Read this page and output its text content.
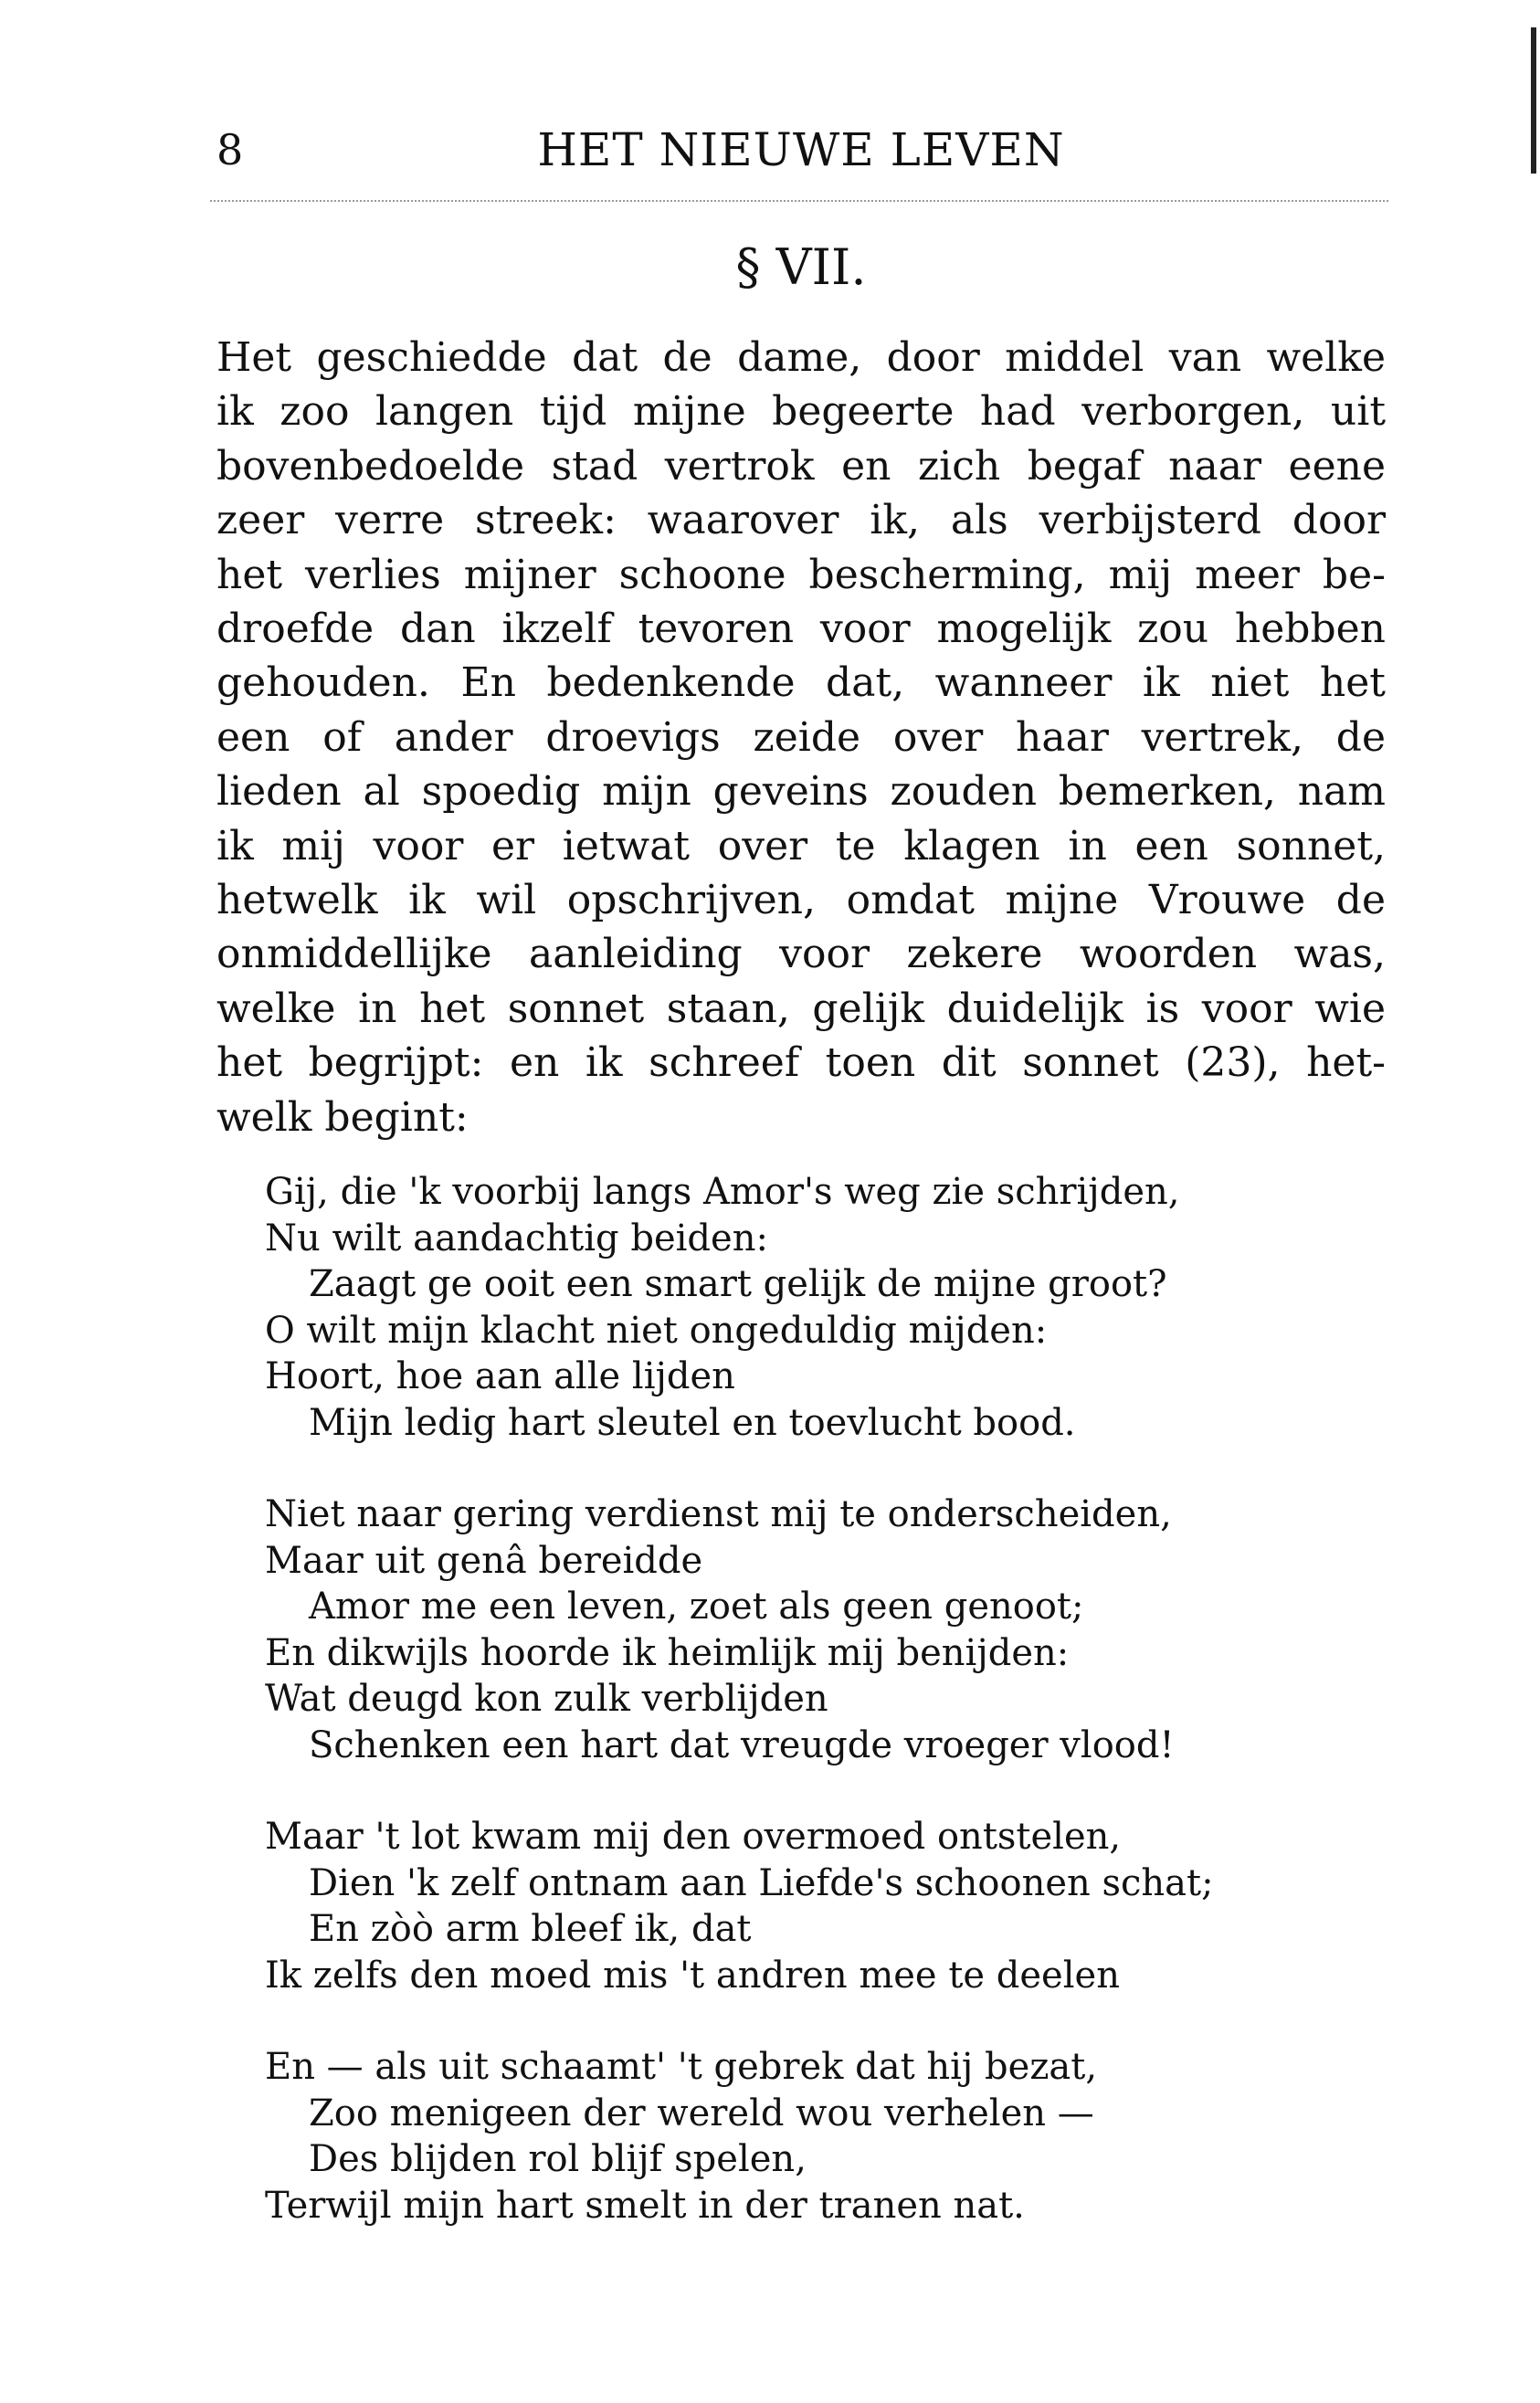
8	HET NIEUWE LEVEN
§ VII.
Het geschiedde dat de dame, door middel van welke
ik zoo langen tijd mijne begeerte had verborgen, uit
bovenbedoelde stad vertrok en zich begaf naar eene
zeer verre streek: waarover ik, als verbijsterd door
het verlies mijner schoone bescherming, mij meer be-
droefde dan ikzelf tevoren voor mogelijk zou hebben
gehouden. En bedenkende dat, wanneer ik niet het
een of ander droevigs zeide over haar vertrek, de
lieden al spoedig mijn geveins zouden bemerken, nam
ik mij voor er ietwat over te klagen in een sonnet,
hetwelk ik wil opschrijven, omdat mijne Vrouwe de
onmiddellijke aanleiding voor zekere woorden was,
welke in het sonnet staan, gelijk duidelijk is voor wie
het begrijpt: en ik schreef toen dit sonnet (23), het-
welk begint:
Gij, die 'k voorbij langs Amor's weg zie schrijden,
Nu wilt aandachtig beiden:
Zaagt ge ooit een smart gelijk de mijne groot?
O wilt mijn klacht niet ongeduldig mijden:
Hoort, hoe aan alle lijden
Mijn ledig hart sleutel en toevlucht bood.
Niet naar gering verdienst mij te onderscheiden,
Maar uit genâ bereidde
Amor me een leven, zoet als geen genoot;
En dikwijls hoorde ik heimlijk mij benijden:
Wat deugd kon zulk verblijden
Schenken een hart dat vreugde vroeger vlood!
Maar 't lot kwam mij den overmoed ontstelen,
Dien 'k zelf ontnam aan Liefde's schoonen schat;
En zòò arm bleef ik, dat
Ik zelfs den moed mis 't andren mee te deelen
En — als uit schaamt' 't gebrek dat hij bezat,
Zoo menigeen der wereld wou verhelen —
Des blijden rol blijf spelen,
Terwijl mijn hart smelt in der tranen nat.
